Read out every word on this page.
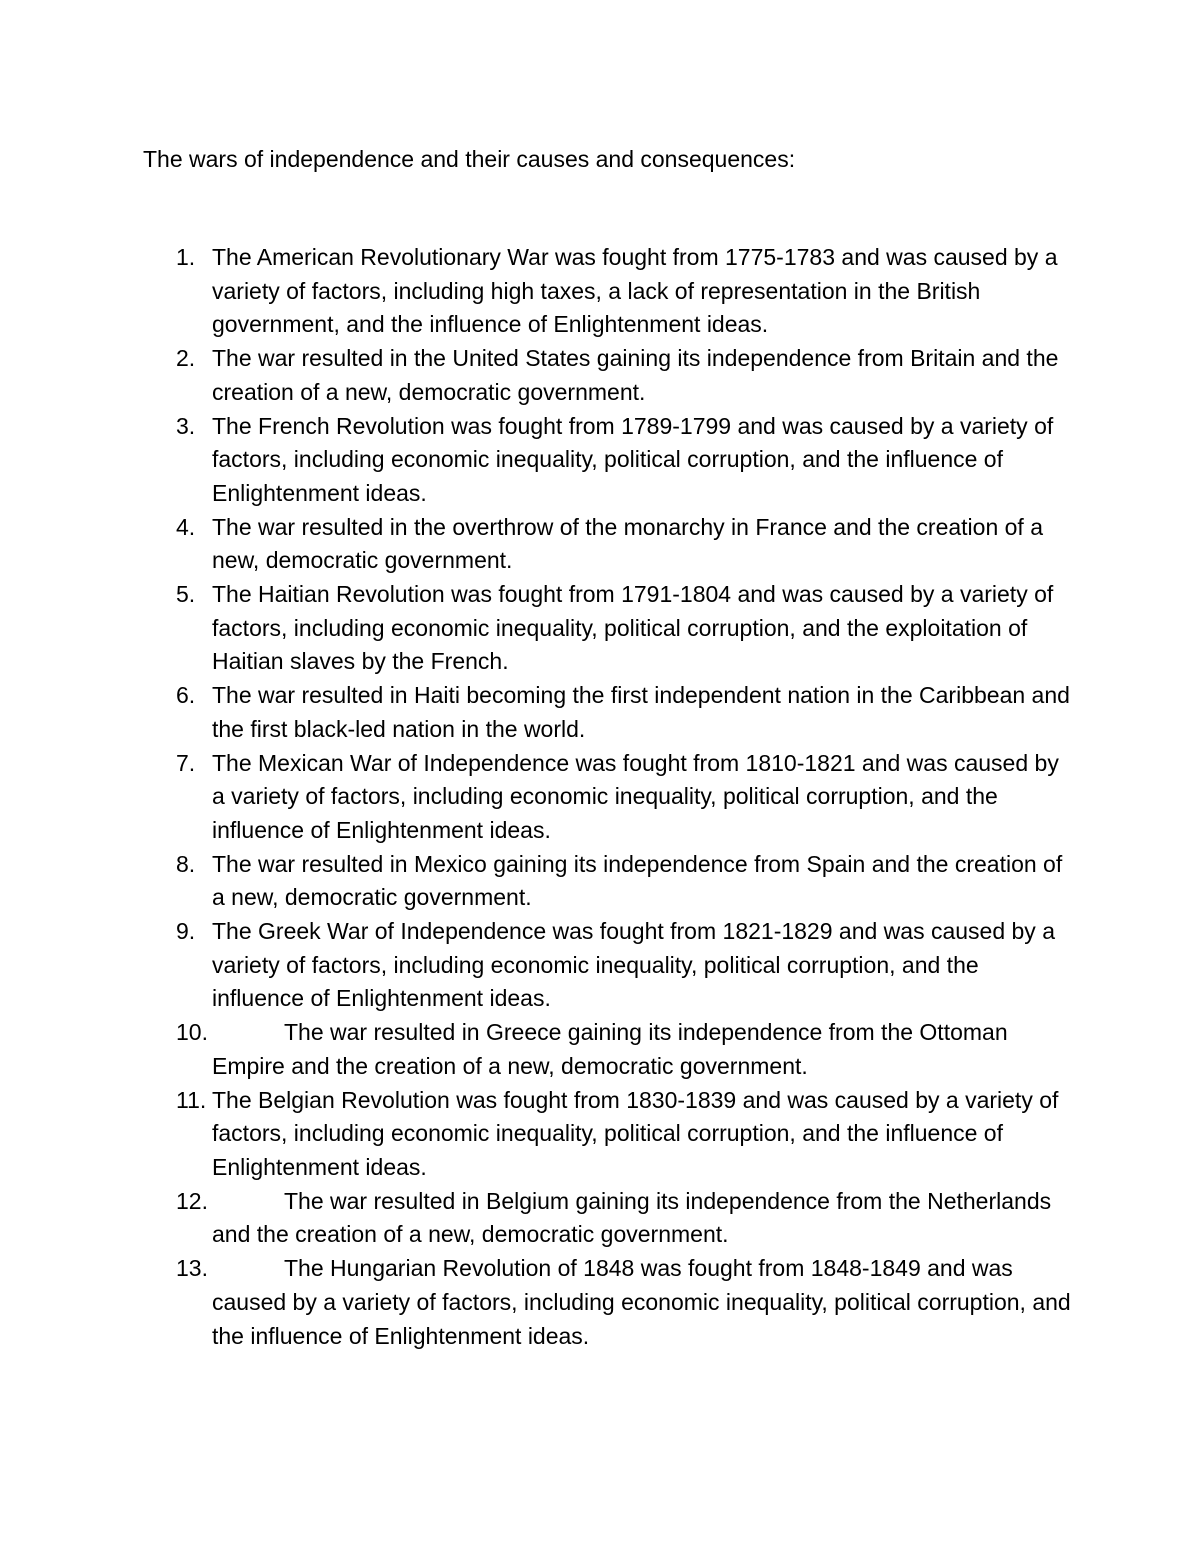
The wars of independence and their causes and consequences:
1. The American Revolutionary War was fought from 1775-1783 and was caused by a variety of factors, including high taxes, a lack of representation in the British government, and the influence of Enlightenment ideas.
2. The war resulted in the United States gaining its independence from Britain and the creation of a new, democratic government.
3. The French Revolution was fought from 1789-1799 and was caused by a variety of factors, including economic inequality, political corruption, and the influence of Enlightenment ideas.
4. The war resulted in the overthrow of the monarchy in France and the creation of a new, democratic government.
5. The Haitian Revolution was fought from 1791-1804 and was caused by a variety of factors, including economic inequality, political corruption, and the exploitation of Haitian slaves by the French.
6. The war resulted in Haiti becoming the first independent nation in the Caribbean and the first black-led nation in the world.
7. The Mexican War of Independence was fought from 1810-1821 and was caused by a variety of factors, including economic inequality, political corruption, and the influence of Enlightenment ideas.
8. The war resulted in Mexico gaining its independence from Spain and the creation of a new, democratic government.
9. The Greek War of Independence was fought from 1821-1829 and was caused by a variety of factors, including economic inequality, political corruption, and the influence of Enlightenment ideas.
10.	The war resulted in Greece gaining its independence from the Ottoman Empire and the creation of a new, democratic government.
11. The Belgian Revolution was fought from 1830-1839 and was caused by a variety of factors, including economic inequality, political corruption, and the influence of Enlightenment ideas.
12.	The war resulted in Belgium gaining its independence from the Netherlands and the creation of a new, democratic government.
13.	The Hungarian Revolution of 1848 was fought from 1848-1849 and was caused by a variety of factors, including economic inequality, political corruption, and the influence of Enlightenment ideas.
